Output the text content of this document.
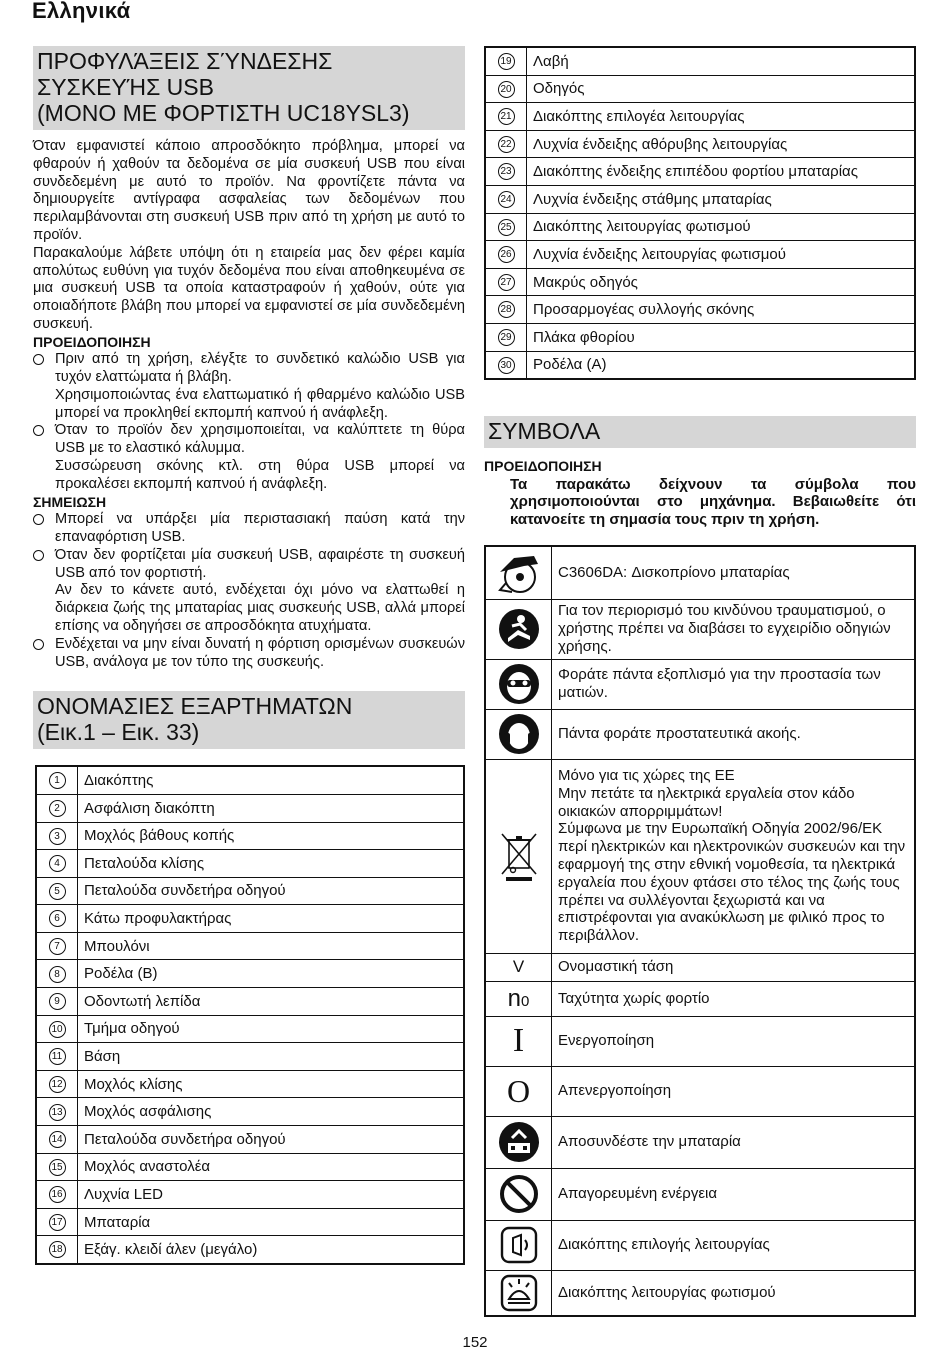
Ελληνικά
ΠΡΟΦΥΛΆΞΕΙΣ ΣΎΝΔΕΣΗΣ
ΣΥΣΚΕΥΉΣ USB
(ΜΟΝΟ ΜΕ ΦΟΡΤΙΣΤΗ UC18YSL3)

Όταν εμφανιστεί κάποιο απροσδόκητο πρόβλημα, μπορεί να φθαρούν ή χαθούν τα δεδομένα σε μία συσκευή USB που είναι συνδεδεμένη με αυτό το προϊόν. Να φροντίζετε πάντα να δημιουργείτε αντίγραφα ασφαλείας των δεδομένων που περιλαμβάνονται στη συσκευή USB πριν από τη χρήση με αυτό το προϊόν.

Παρακαλούμε λάβετε υπόψη ότι η εταιρεία μας δεν φέρει καμία απολύτως ευθύνη για τυχόν δεδομένα που είναι αποθηκευμένα σε μια συσκευή USB τα οποία καταστραφούν ή χαθούν, ούτε για οποιαδήποτε βλάβη που μπορεί να εμφανιστεί σε μία συνδεδεμένη συσκευή.

ΠΡΟΕΙΔΟΠΟΙΗΣΗ

Πριν από τη χρήση, ελέγξτε το συνδετικό καλώδιο USB για τυχόν ελαττώματα ή βλάβη.
Χρησιμοποιώντας ένα ελαττωματικό ή φθαρμένο καλώδιο USB μπορεί να προκληθεί εκπομπή καπνού ή ανάφλεξη.
Όταν το προϊόν δεν χρησιμοποιείται, να καλύπτετε τη θύρα USB με το ελαστικό κάλυμμα.
Συσσώρευση σκόνης κτλ. στη θύρα USB μπορεί να προκαλέσει εκπομπή καπνού ή ανάφλεξη.

ΣΗΜΕΙΩΣΗ

Μπορεί να υπάρξει μία περιστασιακή παύση κατά την επαναφόρτιση USB.
Όταν δεν φορτίζεται μία συσκευή USB, αφαιρέστε τη συσκευή USB από τον φορτιστή.
Αν δεν το κάνετε αυτό, ενδέχεται όχι μόνο να ελαττωθεί η διάρκεια ζωής της μπαταρίας μιας συσκευής USB, αλλά μπορεί επίσης να οδηγήσει σε απροσδόκητα ατυχήματα.
Ενδέχεται να μην είναι δυνατή η φόρτιση ορισμένων συσκευών USB, ανάλογα με τον τύπο της συσκευής.
ΟΝΟΜΑΣΙΕΣ ΕΞΑΡΤΗΜΑΤΩΝ
(Εικ.1 – Εικ. 33)
1	Διακόπτης
2	Ασφάλιση διακόπτη
3	Μοχλός βάθους κοπής
4	Πεταλούδα κλίσης
5	Πεταλούδα συνδετήρα οδηγού
6	Κάτω προφυλακτήρας
7	Μπουλόνι
8	Ροδέλα (B)
9	Οδοντωτή λεπίδα
10	Τμήμα οδηγού
11	Βάση
12	Μοχλός κλίσης
13	Μοχλός ασφάλισης
14	Πεταλούδα συνδετήρα οδηγού
15	Μοχλός αναστολέα
16	Λυχνία LED
17	Μπαταρία
18	Εξάγ. κλειδί άλεν (μεγάλο)
19	Λαβή
20	Οδηγός
21	Διακόπτης επιλογέα λειτουργίας
22	Λυχνία ένδειξης αθόρυβης λειτουργίας
23	Διακόπτης ένδειξης επιπέδου φορτίου μπαταρίας
24	Λυχνία ένδειξης στάθμης μπαταρίας
25	Διακόπτης λειτουργίας φωτισμού
26	Λυχνία ένδειξης λειτουργίας φωτισμού
27	Μακρύς οδηγός
28	Προσαρμογέας συλλογής σκόνης
29	Πλάκα φθορίου
30	Ροδέλα (A)
ΣΥΜΒΟΛΑ

ΠΡΟΕΙΔΟΠΟΙΗΣΗ

Τα παρακάτω δείχνουν τα σύμβολα που χρησιμοποιούνται στο μηχάνημα. Βεβαιωθείτε ότι κατανοείτε τη σημασία τους πριν τη χρήση.
	C3606DA: Δισκοπρίονο μπαταρίας

	Για τον περιορισμό του κινδύνου τραυματισμού, ο χρήστης πρέπει να διαβάσει το εγχειρίδιο οδηγιών χρήσης.

	Φοράτε πάντα εξοπλισμό για την προστασία των ματιών.

	Πάντα φοράτε προστατευτικά ακοής.

Μόνο για τις χώρες της ΕΕ
Μην πετάτε τα ηλεκτρικά εργαλεία στον κάδο οικιακών απορριμμάτων!
Σύμφωνα με την Ευρωπαϊκή Οδηγία 2002/96/ΕΚ περί ηλεκτρικών και ηλεκτρονικών συσκευών και την εφαρμογή της στην εθνική νομοθεσία, τα ηλεκτρικά εργαλεία που έχουν φτάσει στο τέλος της ζωής τους πρέπει να συλλέγονται ξεχωριστά και να επιστρέφονται για ανακύκλωση με φιλικό προς το περιβάλλον.

V	Ονομαστική τάση
n0	Ταχύτητα χωρίς φορτίο
I	Ενεργοποίηση
O	Απενεργοποίηση

	Αποσυνδέστε την μπαταρία

	Απαγορευμένη ενέργεια

	Διακόπτης επιλογής λειτουργίας

	Διακόπτης λειτουργίας φωτισμού
152
